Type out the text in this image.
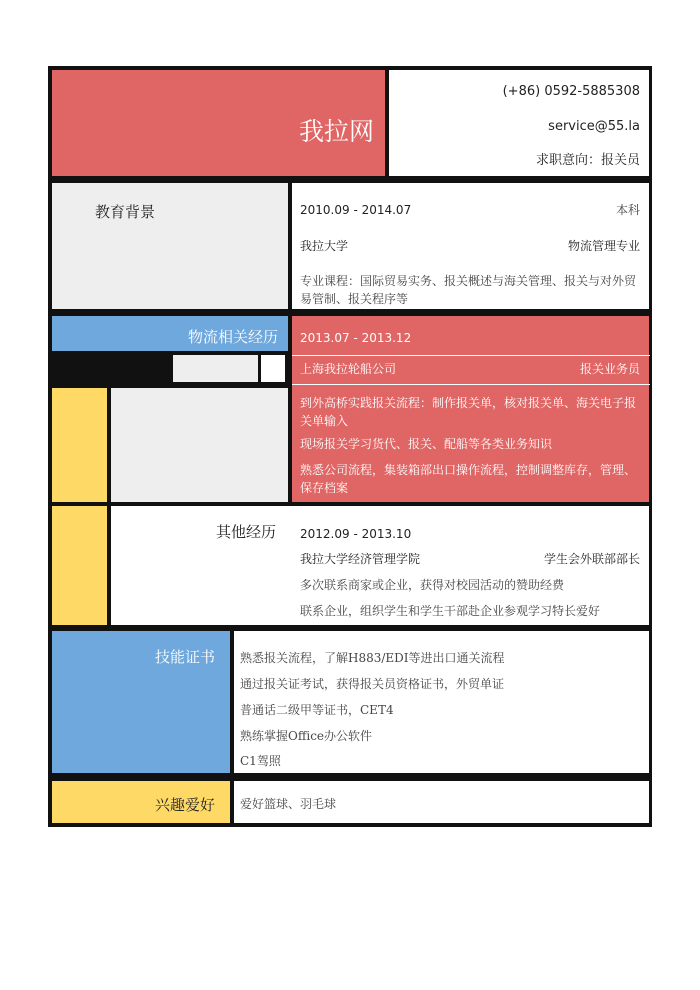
我拉网
(+86) 0592-5885308
service@55.la
求职意向：报关员
教育背景	2010.09 - 2014.07	本科
我拉大学	物流管理专业
专业课程：国际贸易实务、报关概述与海关管理、报关与对外贸易管制、报关程序等
物流相关经历 2013.07 - 2013.12
上海我拉轮船公司	报关业务员
到外高桥实践报关流程：制作报关单，核对报关单、海关电子报关单输入
现场报关学习货代、报关、配船等各类业务知识
熟悉公司流程，集装箱部出口操作流程，控制调整库存，管理、保存档案
其他经历 2012.09 - 2013.10
我拉大学经济管理学院	学生会外联部部长
多次联系商家或企业，获得对校园活动的赞助经费
联系企业，组织学生和学生干部赴企业参观学习特长爱好
技能证书 熟悉报关流程，了解H883/EDI等进出口通关流程
通过报关证考试，获得报关员资格证书，外贸单证
普通话二级甲等证书，CET4
熟练掌握Office办公软件
C1驾照
兴趣爱好 爱好篮球、羽毛球
